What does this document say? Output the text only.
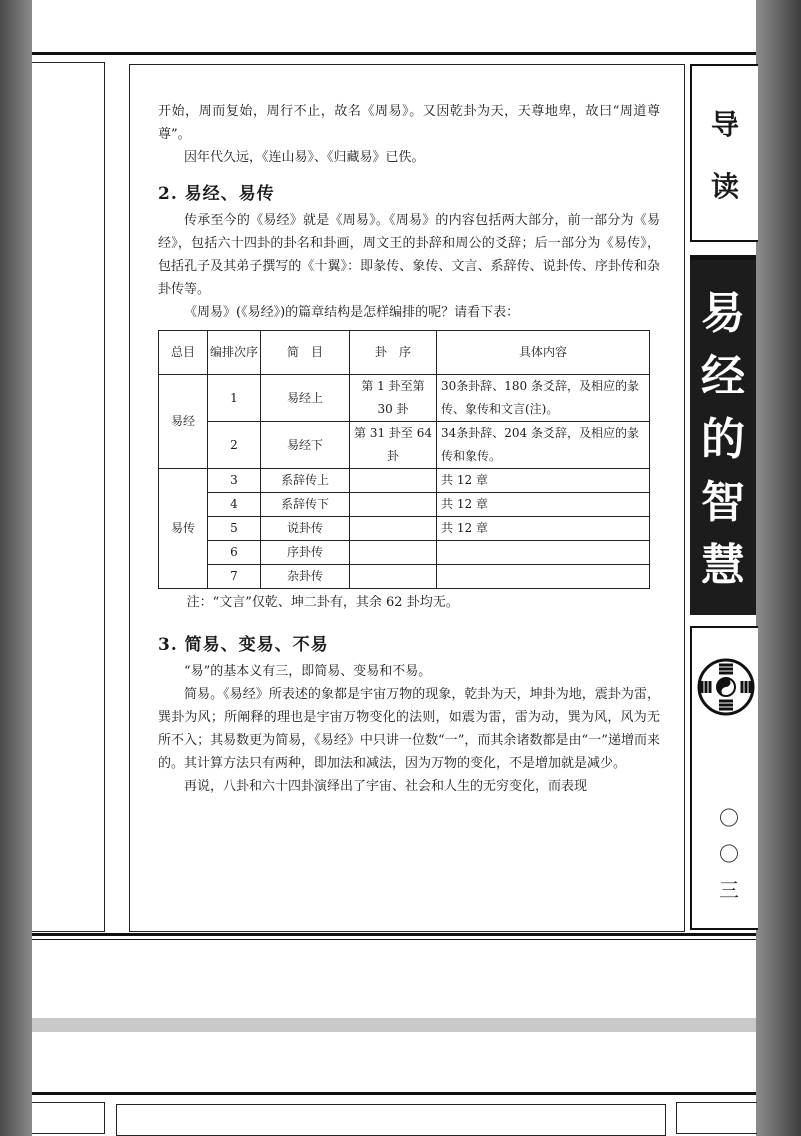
开始，周而复始，周行不止，故名《周易》。又因乾卦为天，天尊地卑，故曰“周道尊尊”。

因年代久远，《连山易》、《归藏易》已佚。

2. 易经、易传

传承至今的《易经》就是《周易》。《周易》的内容包括两大部分，前一部分为《易经》，包括六十四卦的卦名和卦画，周文王的卦辞和周公的爻辞；后一部分为《易传》，包括孔子及其弟子撰写的《十翼》：即彖传、象传、文言、系辞传、说卦传、序卦传和杂卦传等。

《周易》(《易经》)的篇章结构是怎样编排的呢？请看下表：

总目	编排次序	简　目	卦　序	具体内容
易经	1	易经上	第 1 卦至第 30 卦	30条卦辞、180 条爻辞，及相应的彖传、象传和文言(注)。
	2	易经下	第 31 卦至 64 卦	34条卦辞、204 条爻辞，及相应的彖传和象传。
易传	3	系辞传上		共 12 章
	4	系辞传下		共 12 章
	5	说卦传		共 12 章
	6	序卦传		
	7	杂卦传		

注：“文言”仅乾、坤二卦有，其余 62 卦均无。

3. 简易、变易、不易

“易”的基本义有三，即简易、变易和不易。

简易。《易经》所表述的象都是宇宙万物的现象，乾卦为天，坤卦为地，震卦为雷，巽卦为风；所阐释的理也是宇宙万物变化的法则，如震为雷，雷为动，巽为风，风为无所不入；其易数更为简易，《易经》中只讲一位数“一”，而其余诸数都是由“一”递增而来的。其计算方法只有两种，即加法和减法，因为万物的变化，不是增加就是减少。

再说，八卦和六十四卦演绎出了宇宙、社会和人生的无穷变化，而表现

导
读
易
经
的
智
慧
〇
〇
三
